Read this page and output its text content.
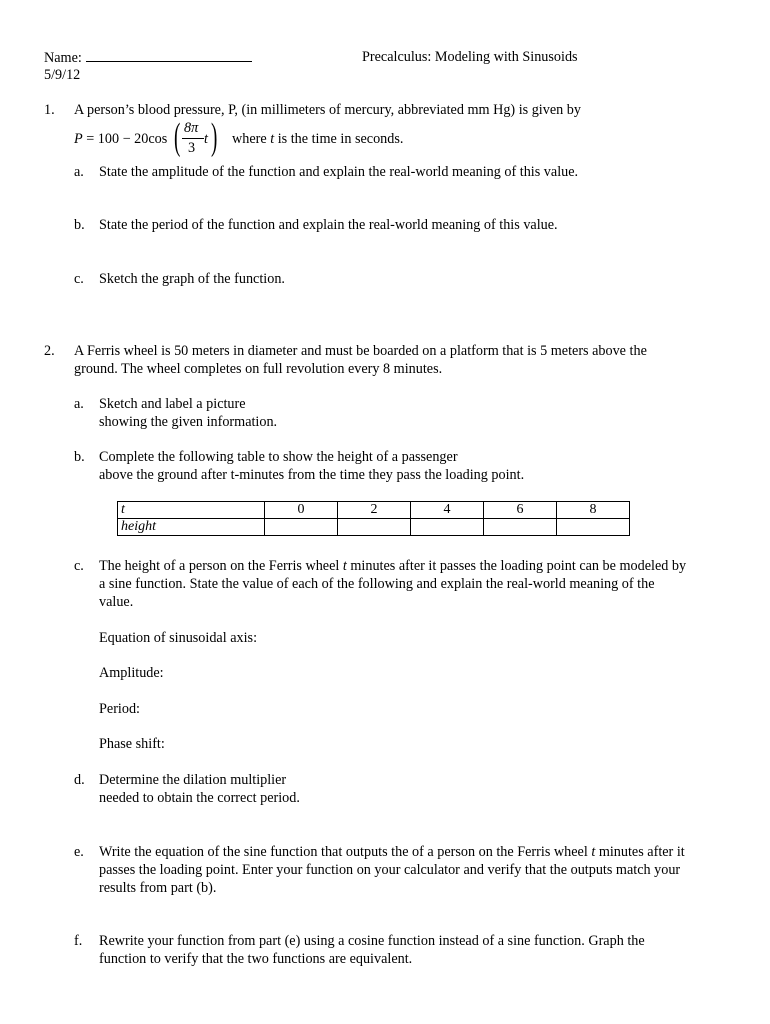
Name:
5/9/12
Precalculus: Modeling with Sinusoids
1. A person’s blood pressure, P, (in millimeters of mercury, abbreviated mm Hg) is given by
P = 100 − 20cos ( 8π
3
t ) where t is the time in seconds.
a. State the amplitude of the function and explain the real-world meaning of this value.
b. State the period of the function and explain the real-world meaning of this value.
c. Sketch the graph of the function.
2. A Ferris wheel is 50 meters in diameter and must be boarded on a platform that is 5 meters above the
ground. The wheel completes on full revolution every 8 minutes.
a. Sketch and label a picture
showing the given information.
b. Complete the following table to show the height of a passenger
above the ground after t-minutes from the time they pass the loading point.
t	0	2	4	6	8
height					
c. The height of a person on the Ferris wheel t minutes after it passes the loading point can be modeled by
a sine function. State the value of each of the following and explain the real-world meaning of the
value.
Equation of sinusoidal axis:
Amplitude:
Period:
Phase shift:
d. Determine the dilation multiplier
needed to obtain the correct period.
e. Write the equation of the sine function that outputs the of a person on the Ferris wheel t minutes after it
passes the loading point. Enter your function on your calculator and verify that the outputs match your
results from part (b).
f. Rewrite your function from part (e) using a cosine function instead of a sine function. Graph the
function to verify that the two functions are equivalent.
